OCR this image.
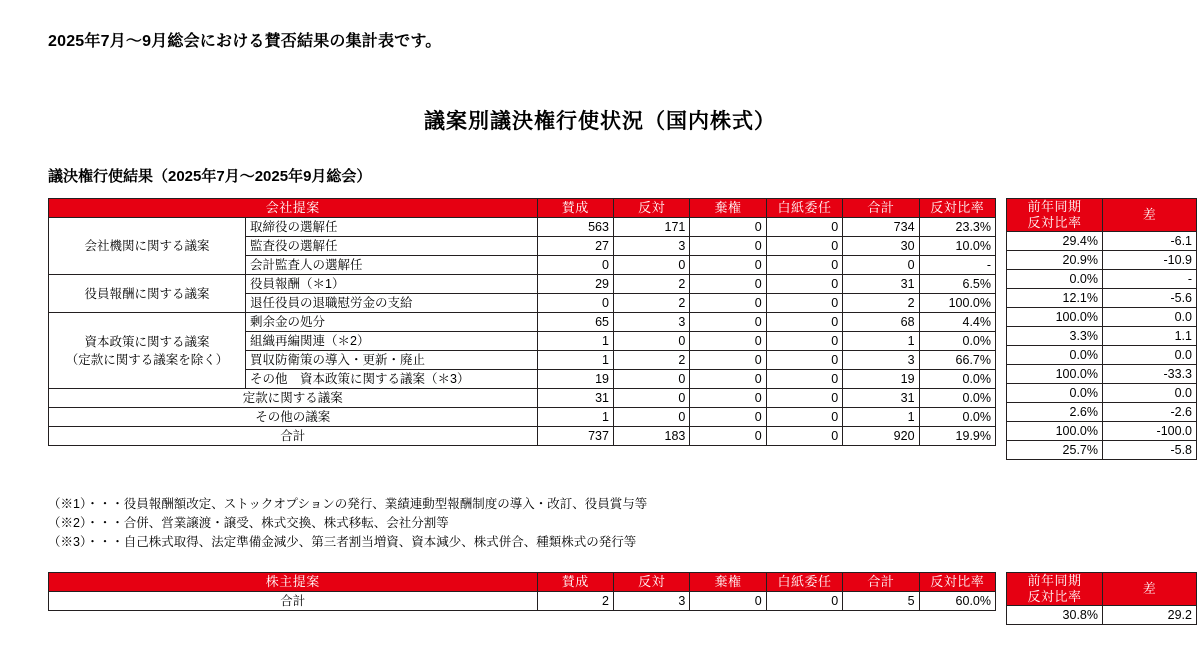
2025年7月〜9月総会における賛否結果の集計表です。
議案別議決権行使状況（国内株式）
議決権行使結果（2025年7月〜2025年9月総会）
会社提案		賛成	反対	棄権	白紙委任	合計	反対比率
会社機関に関する議案	取締役の選解任	563	171	0	0	734	23.3%
	監査役の選解任	27	3	0	0	30	10.0%
	会計監査人の選解任	0	0	0	0	0	-
役員報酬に関する議案	役員報酬（＊1）	29	2	0	0	31	6.5%
	退任役員の退職慰労金の支給	0	2	0	0	2	100.0%
資本政策に関する議案
（定款に関する議案を除く）	剰余金の処分	65	3	0	0	68	4.4%
	組織再編関連（＊2）	1	0	0	0	1	0.0%
	買収防衛策の導入・更新・廃止	1	2	0	0	3	66.7%
	その他　資本政策に関する議案（＊3）	19	0	0	0	19	0.0%
定款に関する議案		31	0	0	0	31	0.0%
その他の議案		1	0	0	0	1	0.0%
合計		737	183	0	0	920	19.9%
前年同期
反対比率	差
29.4%	-6.1
20.9%	-10.9
0.0%	-
12.1%	-5.6
100.0%	0.0
3.3%	1.1
0.0%	0.0
100.0%	-33.3
0.0%	0.0
2.6%	-2.6
100.0%	-100.0
25.7%	-5.8
（※1）・・・役員報酬額改定、ストックオプションの発行、業績連動型報酬制度の導入・改訂、役員賞与等
（※2）・・・合併、営業譲渡・譲受、株式交換、株式移転、会社分割等
（※3）・・・自己株式取得、法定準備金減少、第三者割当増資、資本減少、株式併合、種類株式の発行等
株主提案	賛成	反対	棄権	白紙委任	合計	反対比率
合計	2	3	0	0	5	60.0%
前年同期
反対比率	差
30.8%	29.2
